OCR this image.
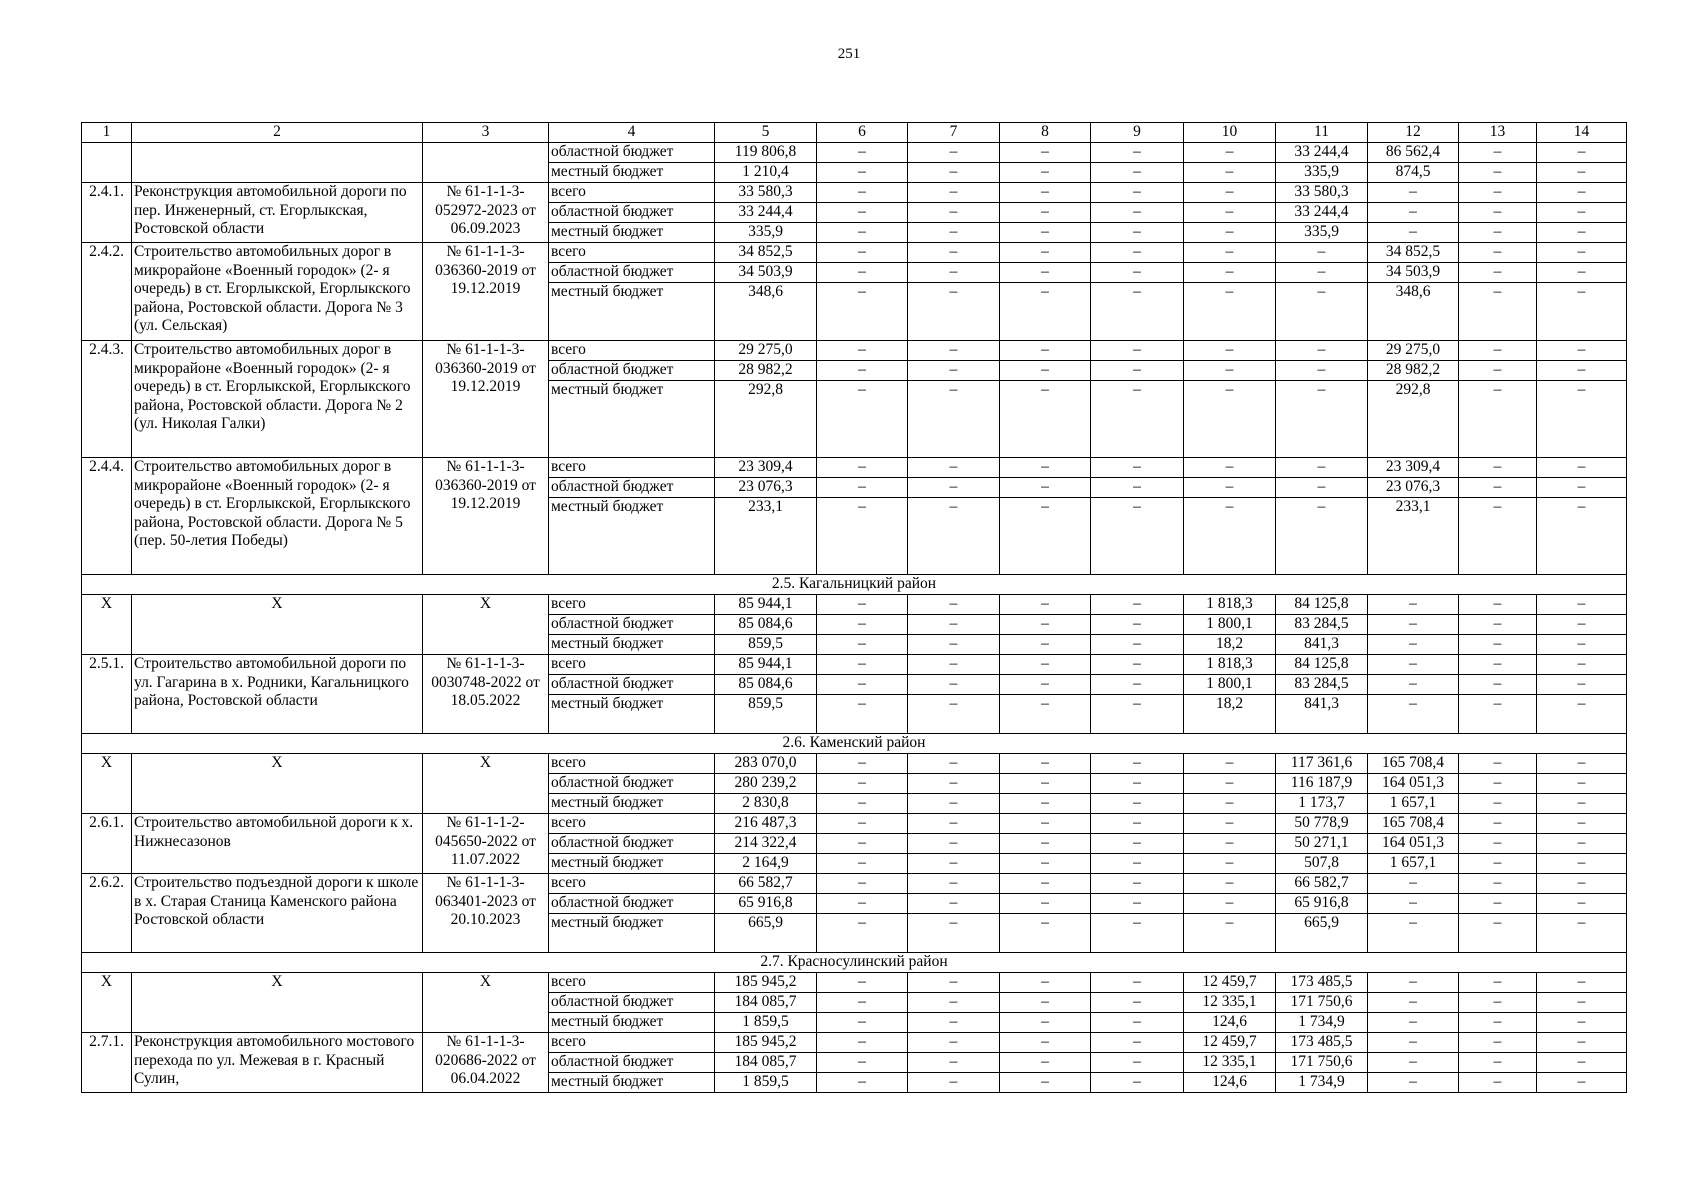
251
1	2	3	4	5	6	7	8	9	10	11	12	13	14
			областной бюджет	119 806,8	–	–	–	–	–	33 244,4	86 562,4	–	–
			местный бюджет	1 210,4	–	–	–	–	–	335,9	874,5	–	–
2.4.1.	Реконструкция автомобильной дороги по пер. Инженерный, ст. Егорлыкская, Ростовской области	№ 61-1-1-3-052972-2023 от 06.09.2023	всего	33 580,3	–	–	–	–	–	33 580,3	–	–	–
			областной бюджет	33 244,4	–	–	–	–	–	33 244,4	–	–	–
			местный бюджет	335,9	–	–	–	–	–	335,9	–	–	–
2.4.2.	Строительство автомобильных дорог в микрорайоне «Военный городок» (2- я очередь) в ст. Егорлыкской, Егорлыкского района, Ростовской области. Дорога № 3 (ул. Сельская)	№ 61-1-1-3-036360-2019 от 19.12.2019	всего	34 852,5	–	–	–	–	–	–	34 852,5	–	–
			областной бюджет	34 503,9	–	–	–	–	–	–	34 503,9	–	–
			местный бюджет	348,6	–	–	–	–	–	–	348,6	–	–
2.4.3.	Строительство автомобильных дорог в микрорайоне «Военный городок» (2- я очередь) в ст. Егорлыкской, Егорлыкского района, Ростовской области. Дорога № 2 (ул. Николая Галки)	№ 61-1-1-3-036360-2019 от 19.12.2019	всего	29 275,0	–	–	–	–	–	–	29 275,0	–	–
			областной бюджет	28 982,2	–	–	–	–	–	–	28 982,2	–	–
			местный бюджет	292,8	–	–	–	–	–	–	292,8	–	–
2.4.4.	Строительство автомобильных дорог в микрорайоне «Военный городок» (2- я очередь) в ст. Егорлыкской, Егорлыкского района, Ростовской области. Дорога № 5 (пер. 50-летия Победы)	№ 61-1-1-3-036360-2019 от 19.12.2019	всего	23 309,4	–	–	–	–	–	–	23 309,4	–	–
			областной бюджет	23 076,3	–	–	–	–	–	–	23 076,3	–	–
			местный бюджет	233,1	–	–	–	–	–	–	233,1	–	–
2.5. Кагальницкий район													
Х	Х	Х	всего	85 944,1	–	–	–	–	1 818,3	84 125,8	–	–	–
			областной бюджет	85 084,6	–	–	–	–	1 800,1	83 284,5	–	–	–
			местный бюджет	859,5	–	–	–	–	18,2	841,3	–	–	–
2.5.1.	Строительство автомобильной дороги по ул. Гагарина в х. Родники, Кагальницкого района, Ростовской области	№ 61-1-1-3-0030748-2022 от 18.05.2022	всего	85 944,1	–	–	–	–	1 818,3	84 125,8	–	–	–
			областной бюджет	85 084,6	–	–	–	–	1 800,1	83 284,5	–	–	–
			местный бюджет	859,5	–	–	–	–	18,2	841,3	–	–	–
2.6. Каменский район													
Х	Х	Х	всего	283 070,0	–	–	–	–	–	117 361,6	165 708,4	–	–
			областной бюджет	280 239,2	–	–	–	–	–	116 187,9	164 051,3	–	–
			местный бюджет	2 830,8	–	–	–	–	–	1 173,7	1 657,1	–	–
2.6.1.	Строительство автомобильной дороги к х. Нижнесазонов	№ 61-1-1-2-045650-2022 от 11.07.2022	всего	216 487,3	–	–	–	–	–	50 778,9	165 708,4	–	–
			областной бюджет	214 322,4	–	–	–	–	–	50 271,1	164 051,3	–	–
			местный бюджет	2 164,9	–	–	–	–	–	507,8	1 657,1	–	–
2.6.2.	Строительство подъездной дороги к школе в х. Старая Станица Каменского района Ростовской области	№ 61-1-1-3-063401-2023 от 20.10.2023	всего	66 582,7	–	–	–	–	–	66 582,7	–	–	–
			областной бюджет	65 916,8	–	–	–	–	–	65 916,8	–	–	–
			местный бюджет	665,9	–	–	–	–	–	665,9	–	–	–
2.7. Красносулинский район													
Х	Х	Х	всего	185 945,2	–	–	–	–	12 459,7	173 485,5	–	–	–
			областной бюджет	184 085,7	–	–	–	–	12 335,1	171 750,6	–	–	–
			местный бюджет	1 859,5	–	–	–	–	124,6	1 734,9	–	–	–
2.7.1.	Реконструкция автомобильного мостового перехода по ул. Межевая в г. Красный Сулин,	№ 61-1-1-3-020686-2022 от 06.04.2022	всего	185 945,2	–	–	–	–	12 459,7	173 485,5	–	–	–
			областной бюджет	184 085,7	–	–	–	–	12 335,1	171 750,6	–	–	–
			местный бюджет	1 859,5	–	–	–	–	124,6	1 734,9	–	–	–
